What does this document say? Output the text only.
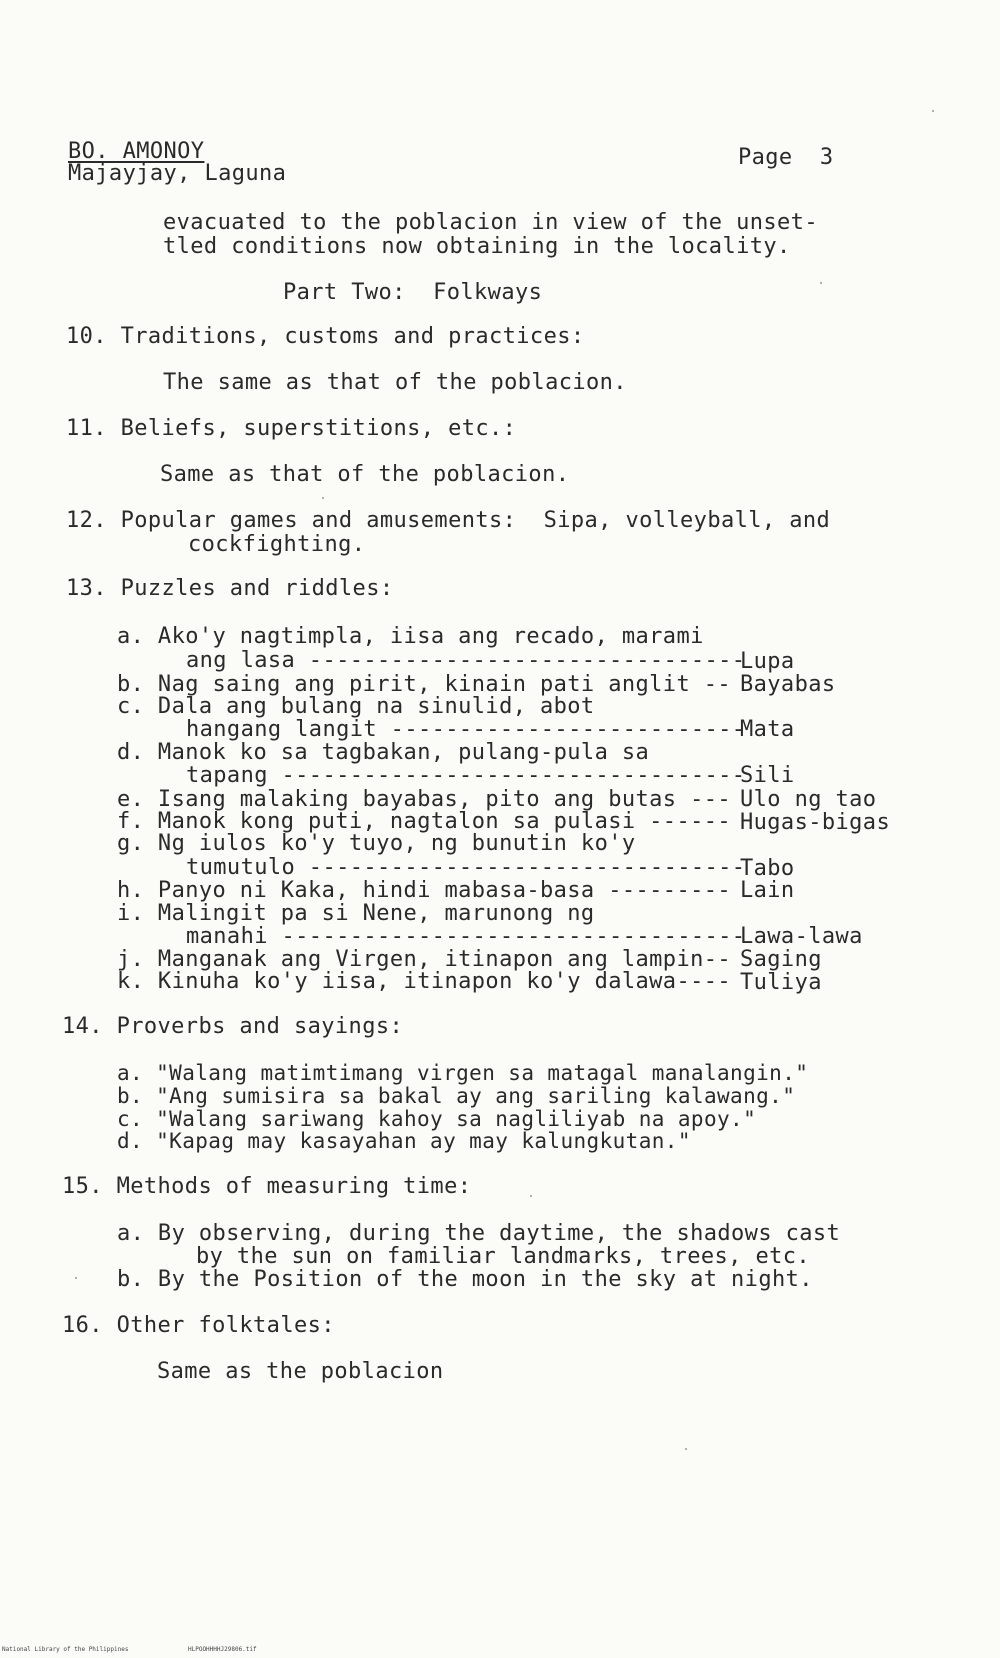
BO. AMONOY
Majayjay, Laguna
Page  3
evacuated to the poblacion in view of the unset-
tled conditions now obtaining in the locality.
Part Two:  Folkways
10. Traditions, customs and practices:
The same as that of the poblacion.
11. Beliefs, superstitions, etc.:
Same as that of the poblacion.
12. Popular games and amusements:  Sipa, volleyball, and
cockfighting.
13. Puzzles and riddles:
a. Ako'y nagtimpla, iisa ang recado, marami
ang lasa --------------------------------
Lupa
b. Nag saing ang pirit, kinain pati anglit -- Bayabas
c. Dala ang bulang na sinulid, abot
hangang langit --------------------------
Mata
d. Manok ko sa tagbakan, pulang-pula sa
tapang ----------------------------------
Sili
e. Isang malaking bayabas, pito ang butas --- Ulo ng tao
f. Manok kong puti, nagtalon sa pulasi ------ Hugas-bigas
g. Ng iulos ko'y tuyo, ng bunutin ko'y
tumutulo --------------------------------
Tabo
h. Panyo ni Kaka, hindi mabasa-basa --------- Lain
i. Malingit pa si Nene, marunong ng
manahi ----------------------------------
Lawa-lawa
j. Manganak ang Virgen, itinapon ang lampin-- Saging
k. Kinuha ko'y iisa, itinapon ko'y dalawa---- Tuliya
14. Proverbs and sayings:
a. "Walang matimtimang virgen sa matagal manalangin."
b. "Ang sumisira sa bakal ay ang sariling kalawang."
c. "Walang sariwang kahoy sa nagliliyab na apoy."
d. "Kapag may kasayahan ay may kalungkutan."
15. Methods of measuring time:
a. By observing, during the daytime, the shadows cast
by the sun on familiar landmarks, trees, etc.
b. By the Position of the moon in the sky at night.
16. Other folktales:
Same as the poblacion
National Library of the Philippines	HLPOOHHHHJ29806.tif
